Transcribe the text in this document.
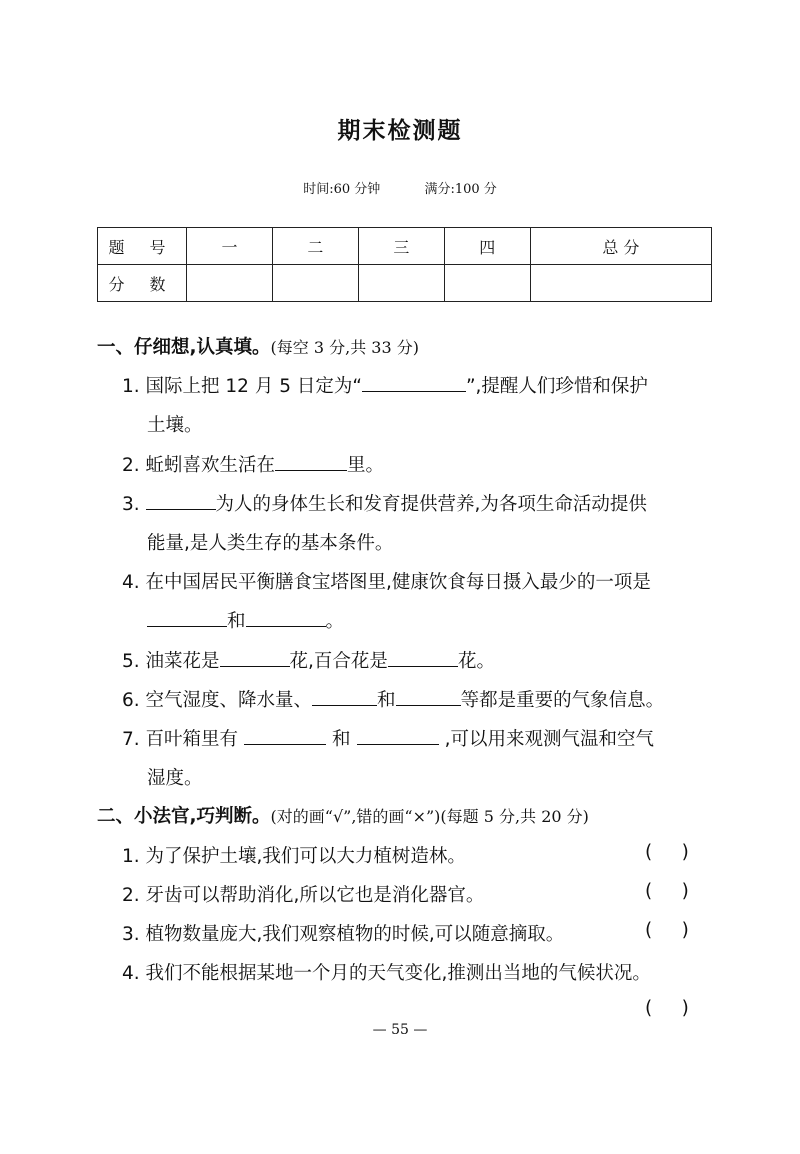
期末检测题
时间:60 分钟	满分:100 分
题 号	一	二	三	四	总 分
分 数					
一、仔细想,认真填。(每空 3 分,共 33 分)
1. 国际上把 12 月 5 日定为“	”,提醒人们珍惜和保护
土壤。
2. 蚯蚓喜欢生活在	里。
3.	为人的身体生长和发育提供营养,为各项生命活动提供
能量,是人类生存的基本条件。
4. 在中国居民平衡膳食宝塔图里,健康饮食每日摄入最少的一项是
和	。
5. 油菜花是	花,百合花是	花。
6. 空气湿度、降水量、	和	等都是重要的气象信息。
7. 百叶箱里有	和	,可以用来观测气温和空气
湿度。
二、小法官,巧判断。(对的画“√”,错的画“×”)(每题 5 分,共 20 分)
1. 为了保护土壤,我们可以大力植树造林。	(     )
2. 牙齿可以帮助消化,所以它也是消化器官。	(     )
3. 植物数量庞大,我们观察植物的时候,可以随意摘取。	(     )
4. 我们不能根据某地一个月的天气变化,推测出当地的气候状况。
(     )
— 55 —
